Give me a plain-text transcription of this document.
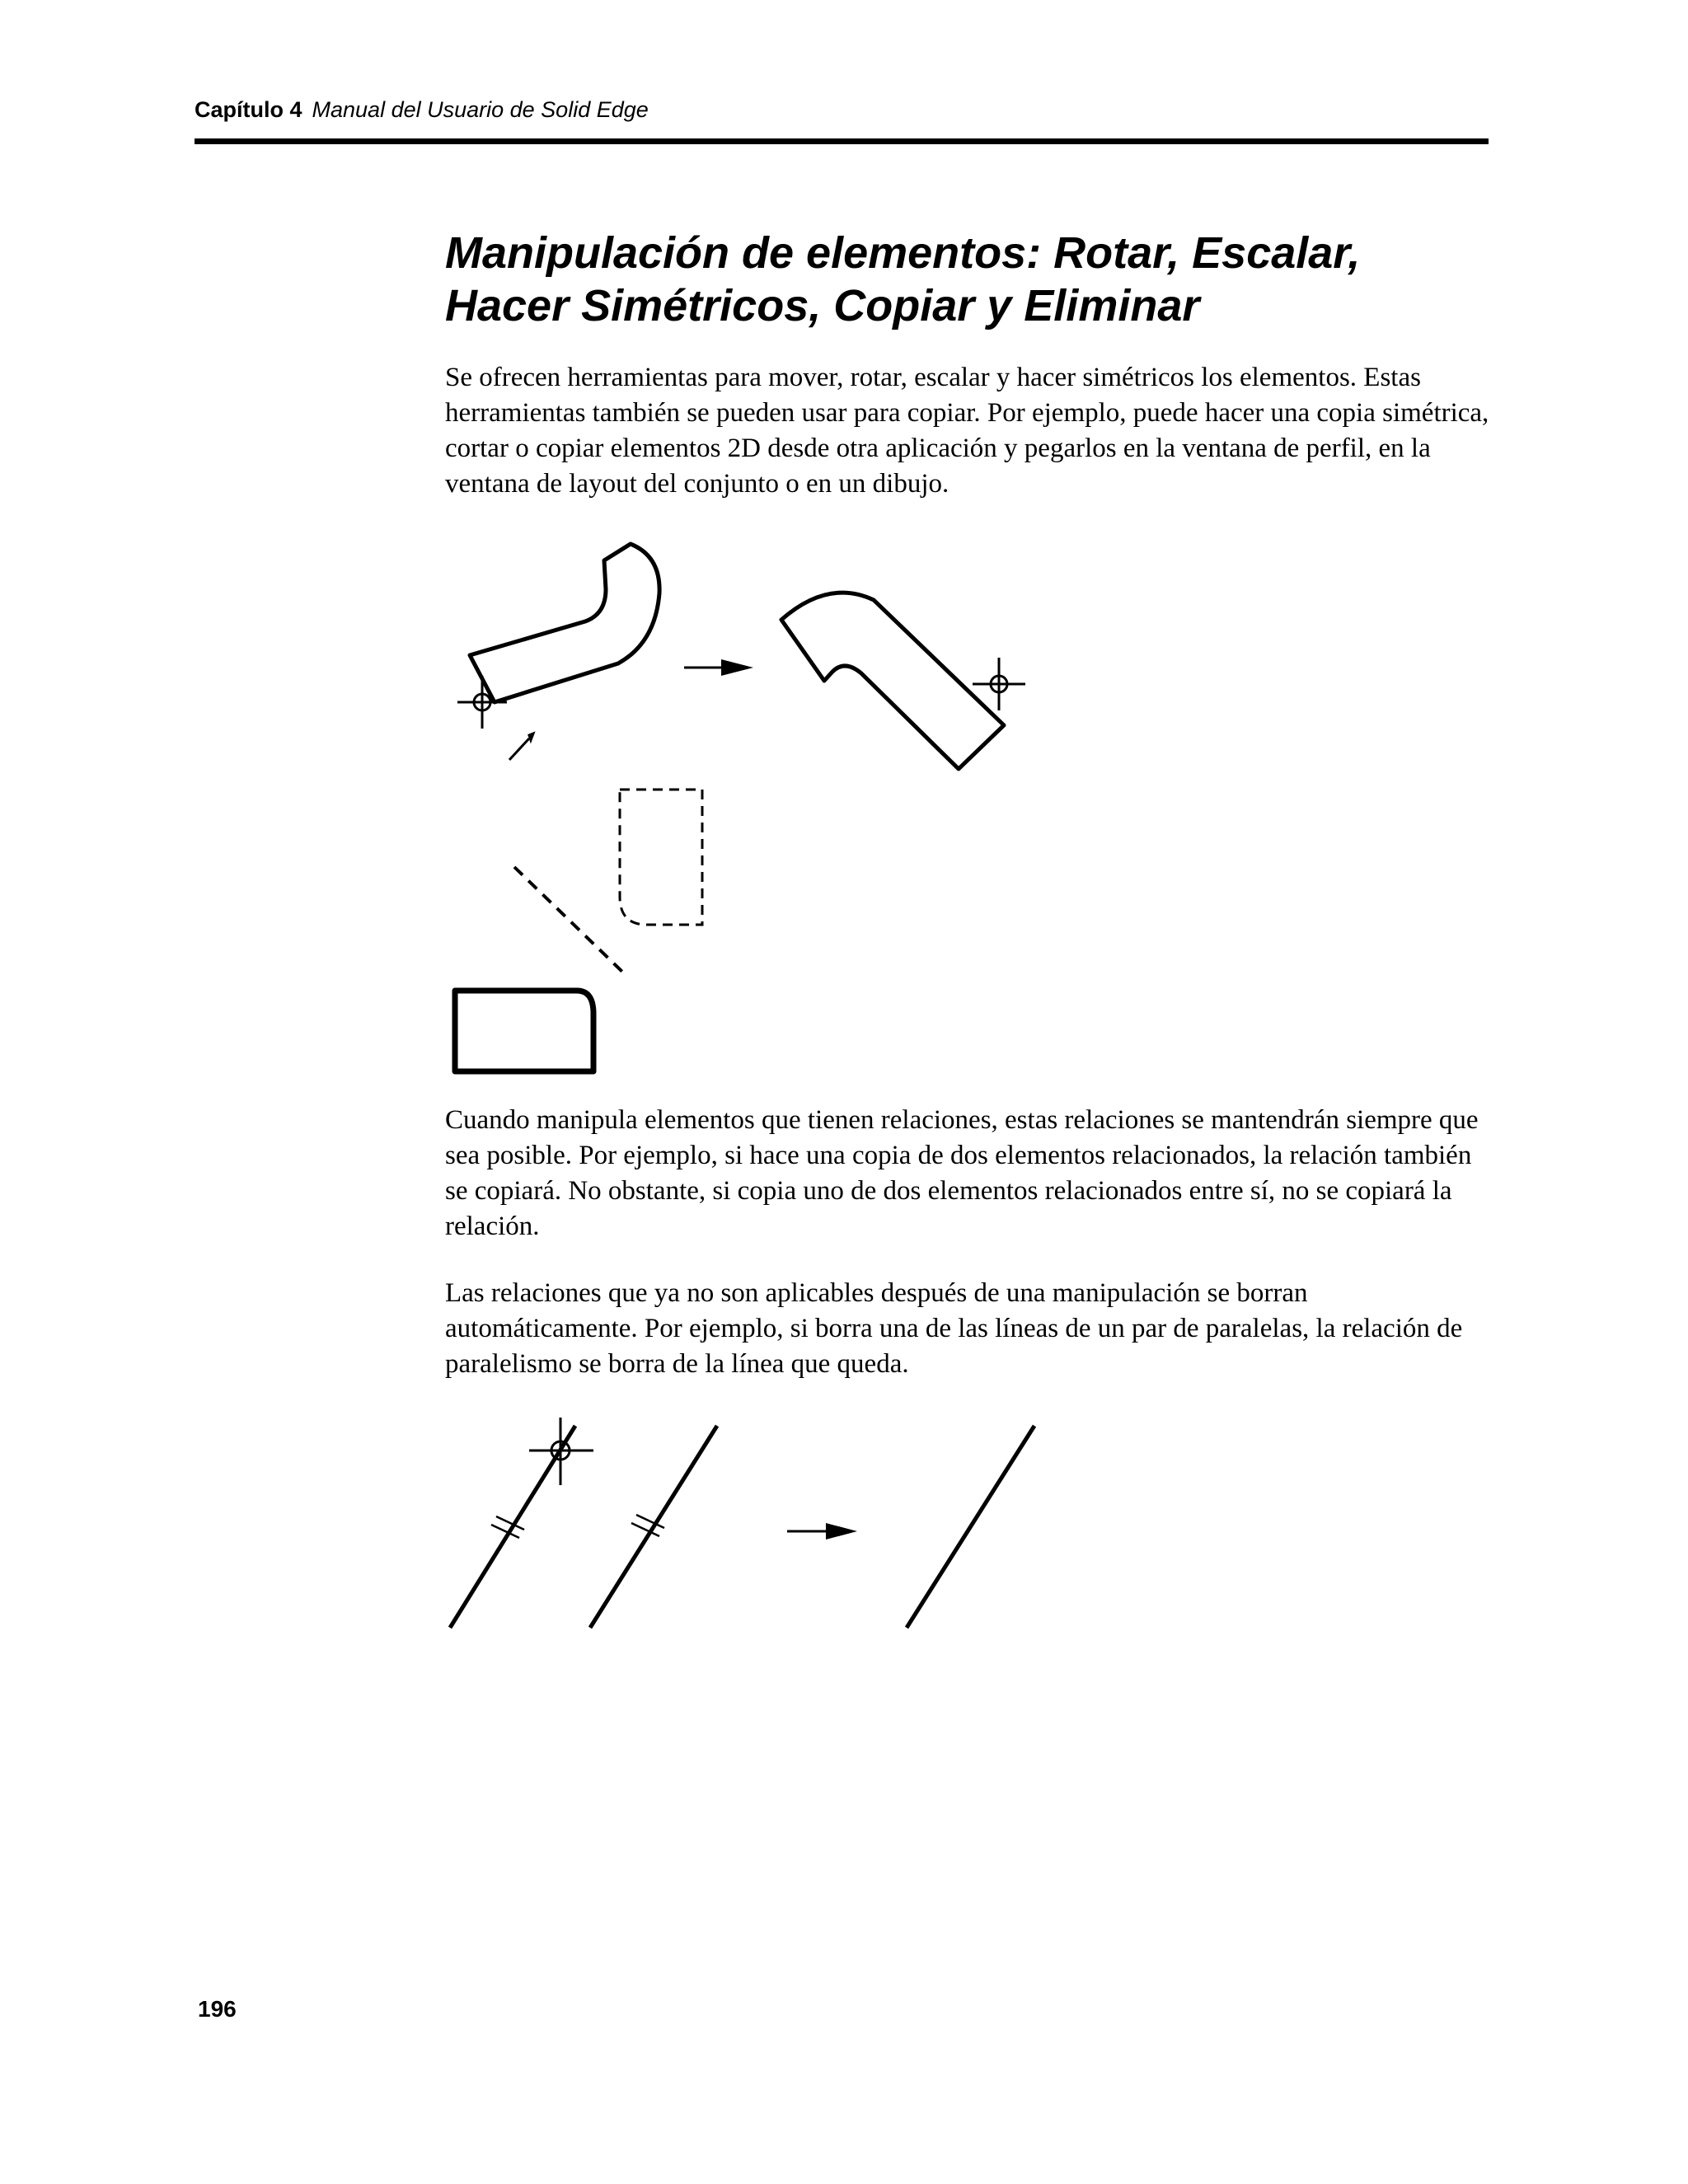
Capítulo 4 Manual del Usuario de Solid Edge
Manipulación de elementos: Rotar, Escalar,
Hacer Simétricos, Copiar y Eliminar

Se ofrecen herramientas para mover, rotar, escalar y hacer simétricos los elementos. Estas herramientas también se pueden usar para copiar. Por ejemplo, puede hacer una copia simétrica, cortar o copiar elementos 2D desde otra aplicación y pegarlos en la ventana de perfil, en la ventana de layout del conjunto o en un dibujo.

Cuando manipula elementos que tienen relaciones, estas relaciones se mantendrán siempre que sea posible. Por ejemplo, si hace una copia de dos elementos relacionados, la relación también se copiará. No obstante, si copia uno de dos elementos relacionados entre sí, no se copiará la relación.

Las relaciones que ya no son aplicables después de una manipulación se borran automáticamente. Por ejemplo, si borra una de las líneas de un par de paralelas, la relación de paralelismo se borra de la línea que queda.

196
